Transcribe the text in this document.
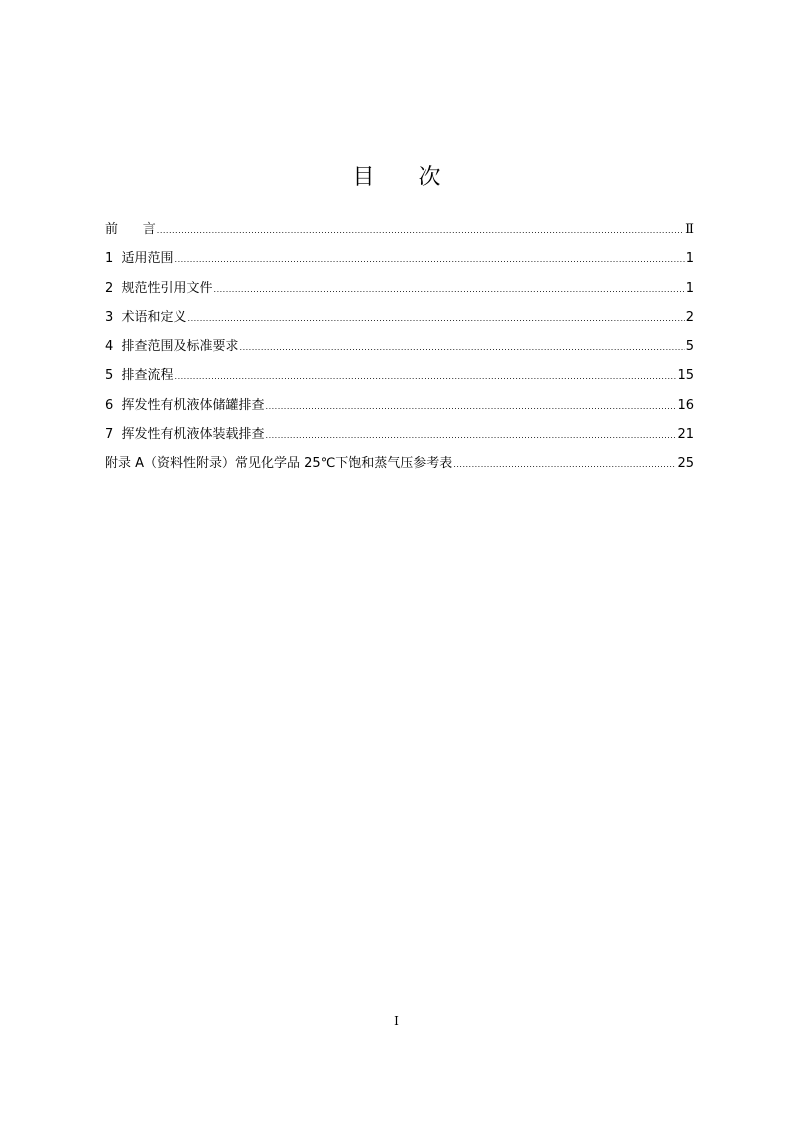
目 次
前      言 .....	Ⅱ
1  适用范围 .....	1
2  规范性引用文件 .....	1
3  术语和定义 .....	2
4  排查范围及标准要求 .....	5
5  排查流程 .....	15
6  挥发性有机液体储罐排查 .....	16
7  挥发性有机液体装载排查 .....	21
附录 A（资料性附录）常见化学品 25℃下饱和蒸气压参考表 .....	25
I
